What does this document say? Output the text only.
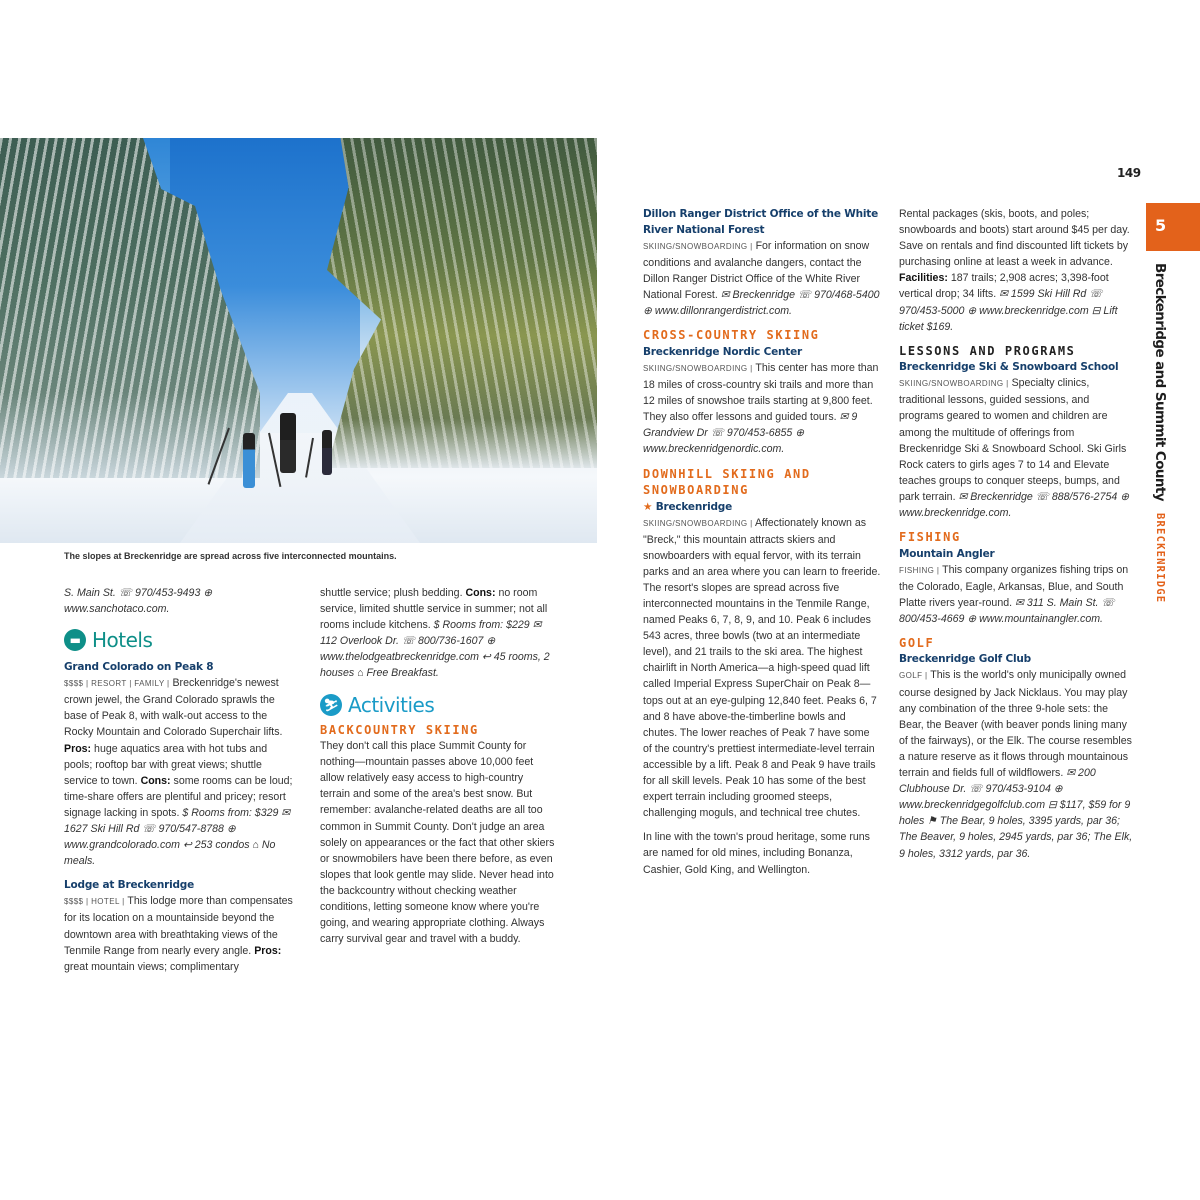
The slopes at Breckenridge are spread across five interconnected mountains.

S. Main St. ☏ 970/453-9493 ⊕ www.sanchotaco.com.

▬ Hotels
Grand Colorado on Peak 8

$$$$ | RESORT | FAMILY | Breckenridge's newest crown jewel, the Grand Colorado sprawls the base of Peak 8, with walk-out access to the Rocky Mountain and Colorado Superchair lifts. Pros: huge aquatics area with hot tubs and pools; rooftop bar with great views; shuttle service to town. Cons: some rooms can be loud; time-share offers are plentiful and pricey; resort signage lacking in spots. $ Rooms from: $329 ✉ 1627 Ski Hill Rd ☏ 970/547-8788 ⊕ www.grandcolorado.com ↩ 253 condos ⌂ No meals.

Lodge at Breckenridge

$$$$ | HOTEL | This lodge more than compensates for its location on a mountainside beyond the downtown area with breathtaking views of the Tenmile Range from nearly every angle. Pros: great mountain views; complimentary

shuttle service; plush bedding. Cons: no room service, limited shuttle service in summer; not all rooms include kitchens. $ Rooms from: $229 ✉ 112 Overlook Dr. ☏ 800/736-1607 ⊕ www.thelodgeatbreckenridge.com ↩ 45 rooms, 2 houses ⌂ Free Breakfast.

⛷ Activities
BACKCOUNTRY SKIING

They don't call this place Summit County for nothing—mountain passes above 10,000 feet allow relatively easy access to high-country terrain and some of the area's best snow. But remember: avalanche-related deaths are all too common in Summit County. Don't judge an area solely on appearances or the fact that other skiers or snowmobilers have been there before, as even slopes that look gentle may slide. Never head into the backcountry without checking weather conditions, letting someone know where you're going, and wearing appropriate clothing. Always carry survival gear and travel with a buddy.

Dillon Ranger District Office of the White River National Forest

SKIING/SNOWBOARDING | For information on snow conditions and avalanche dangers, contact the Dillon Ranger District Office of the White River National Forest. ✉ Breckenridge ☏ 970/468-5400 ⊕ www.dillonrangerdistrict.com.

CROSS-COUNTRY SKIING
Breckenridge Nordic Center

SKIING/SNOWBOARDING | This center has more than 18 miles of cross-country ski trails and more than 12 miles of snowshoe trails starting at 9,800 feet. They also offer lessons and guided tours. ✉ 9 Grandview Dr ☏ 970/453-6855 ⊕ www.breckenridgenordic.com.

DOWNHILL SKIING AND SNOWBOARDING
★ Breckenridge

SKIING/SNOWBOARDING | Affectionately known as "Breck," this mountain attracts skiers and snowboarders with equal fervor, with its terrain parks and an area where you can learn to freeride. The resort's slopes are spread across five interconnected mountains in the Tenmile Range, named Peaks 6, 7, 8, 9, and 10. Peak 6 includes 543 acres, three bowls (two at an intermediate level), and 21 trails to the ski area. The highest chairlift in North America—a high-speed quad lift called Imperial Express SuperChair on Peak 8—tops out at an eye-gulping 12,840 feet. Peaks 6, 7 and 8 have above-the-timberline bowls and chutes. The lower reaches of Peak 7 have some of the country's prettiest intermediate-level terrain accessible by a lift. Peak 8 and Peak 9 have trails for all skill levels. Peak 10 has some of the best expert terrain including groomed steeps, challenging moguls, and technical tree chutes.

In line with the town's proud heritage, some runs are named for old mines, including Bonanza, Cashier, Gold King, and Wellington.

Rental packages (skis, boots, and poles; snowboards and boots) start around $45 per day. Save on rentals and find discounted lift tickets by purchasing online at least a week in advance. Facilities: 187 trails; 2,908 acres; 3,398-foot vertical drop; 34 lifts. ✉ 1599 Ski Hill Rd ☏ 970/453-5000 ⊕ www.breckenridge.com ⊟ Lift ticket $169.

LESSONS AND PROGRAMS
Breckenridge Ski & Snowboard School

SKIING/SNOWBOARDING | Specialty clinics, traditional lessons, guided sessions, and programs geared to women and children are among the multitude of offerings from Breckenridge Ski & Snowboard School. Ski Girls Rock caters to girls ages 7 to 14 and Elevate teaches groups to conquer steeps, bumps, and park terrain. ✉ Breckenridge ☏ 888/576-2754 ⊕ www.breckenridge.com.

FISHING
Mountain Angler

FISHING | This company organizes fishing trips on the Colorado, Eagle, Arkansas, Blue, and South Platte rivers year-round. ✉ 311 S. Main St. ☏ 800/453-4669 ⊕ www.mountainangler.com.

GOLF
Breckenridge Golf Club

GOLF | This is the world's only municipally owned course designed by Jack Nicklaus. You may play any combination of the three 9-hole sets: the Bear, the Beaver (with beaver ponds lining many of the fairways), or the Elk. The course resembles a nature reserve as it flows through mountainous terrain and fields full of wildflowers. ✉ 200 Clubhouse Dr. ☏ 970/453-9104 ⊕ www.breckenridgegolfclub.com ⊟ $117, $59 for 9 holes ⚑ The Bear, 9 holes, 3395 yards, par 36; The Beaver, 9 holes, 2945 yards, par 36; The Elk, 9 holes, 3312 yards, par 36.

149
5
Breckenridge and Summit County BRECKENRIDGE
